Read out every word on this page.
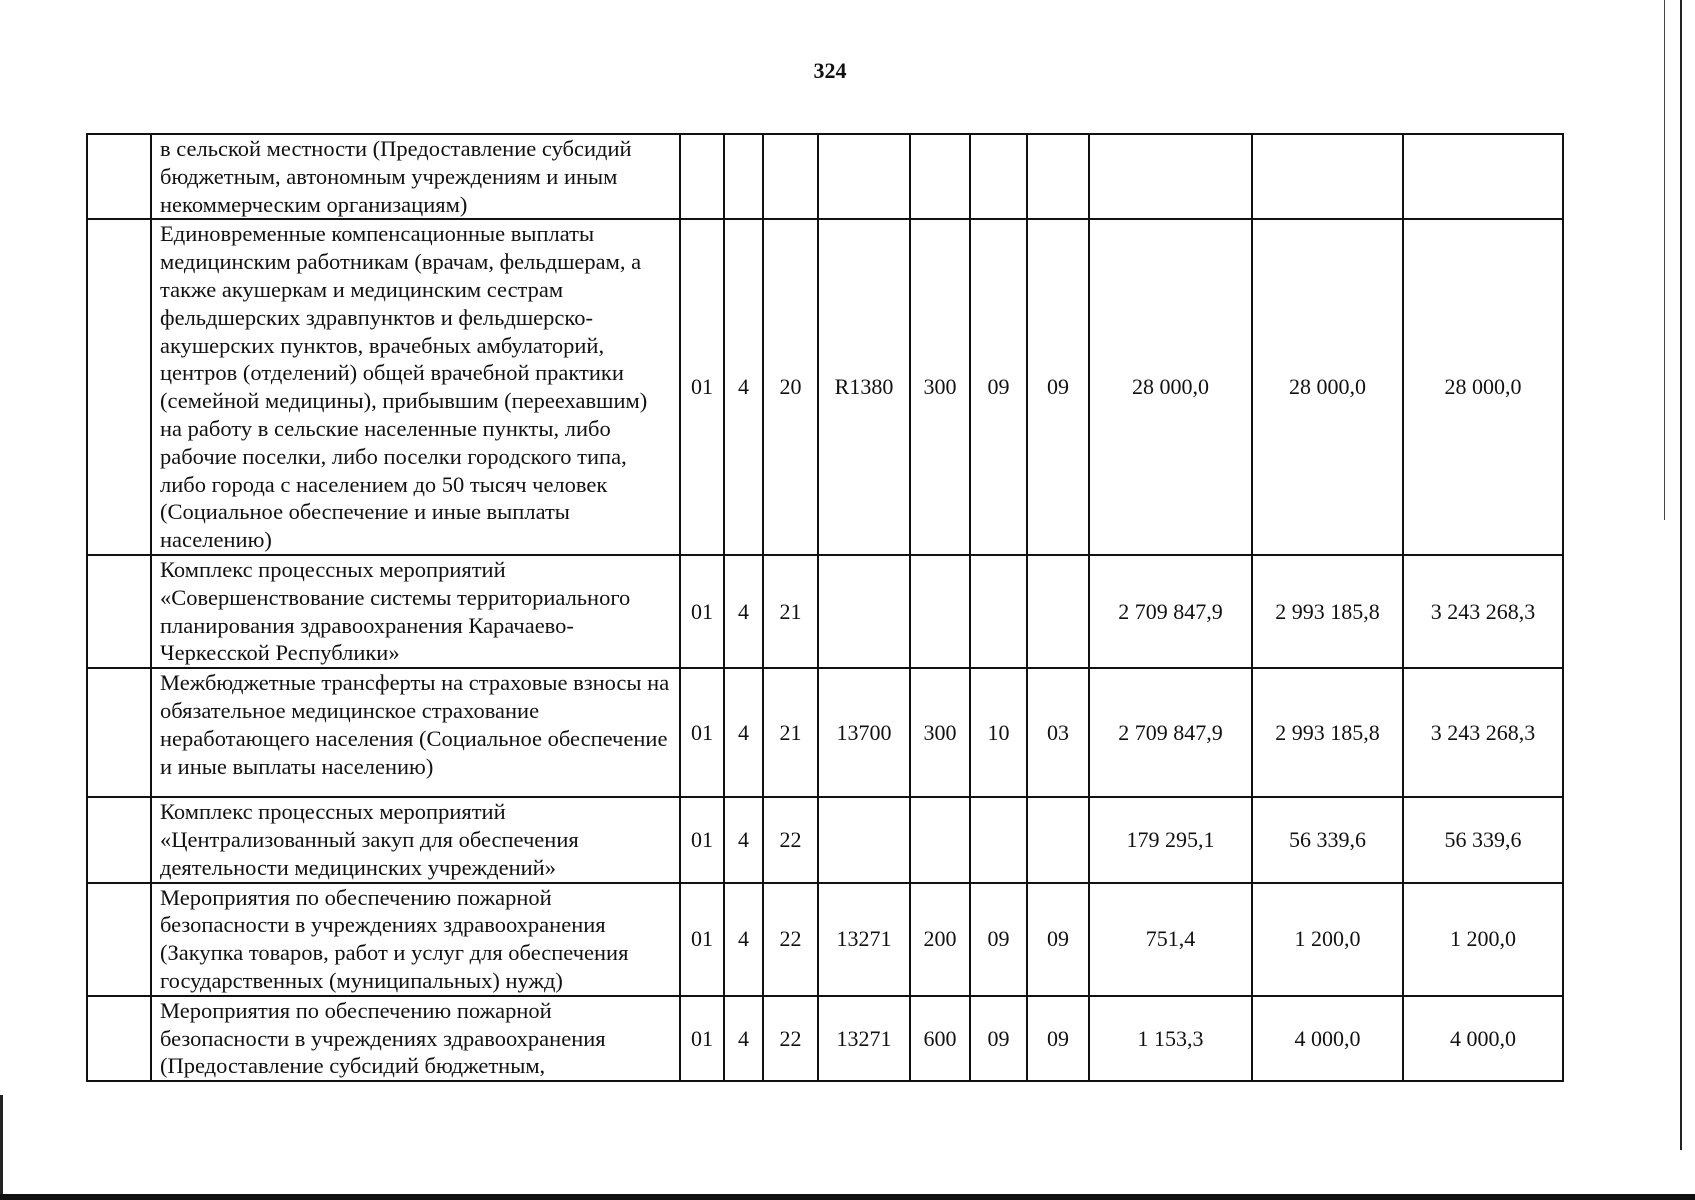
324
	в сельской местности (Предоставление субсидий бюджетным, автономным учреждениям и иным некоммерческим организациям)										
	Единовременные компенсационные выплаты медицинским работникам (врачам, фельдшерам, а также акушеркам и медицинским сестрам фельдшерских здравпунктов и фельдшерско-акушерских пунктов, врачебных амбулаторий, центров (отделений) общей врачебной практики (семейной медицины), прибывшим (переехавшим) на работу в сельские населенные пункты, либо рабочие поселки, либо поселки городского типа, либо города с населением до 50 тысяч человек (Социальное обеспечение и иные выплаты населению)	01	4	20	R1380	300	09	09	28 000,0	28 000,0	28 000,0
	Комплекс процессных мероприятий «Совершенствование системы территориального планирования здравоохранения Карачаево-Черкесской Республики»	01	4	21					2 709 847,9	2 993 185,8	3 243 268,3
	Межбюджетные трансферты на страховые взносы на обязательное медицинское страхование неработающего населения (Социальное обеспечение и иные выплаты населению)	01	4	21	13700	300	10	03	2 709 847,9	2 993 185,8	3 243 268,3
	Комплекс процессных мероприятий «Централизованный закуп для обеспечения деятельности медицинских учреждений»	01	4	22					179 295,1	56 339,6	56 339,6
	Мероприятия по обеспечению пожарной безопасности в учреждениях здравоохранения (Закупка товаров, работ и услуг для обеспечения государственных (муниципальных) нужд)	01	4	22	13271	200	09	09	751,4	1 200,0	1 200,0
	Мероприятия по обеспечению пожарной безопасности в учреждениях здравоохранения (Предоставление субсидий бюджетным,	01	4	22	13271	600	09	09	1 153,3	4 000,0	4 000,0
